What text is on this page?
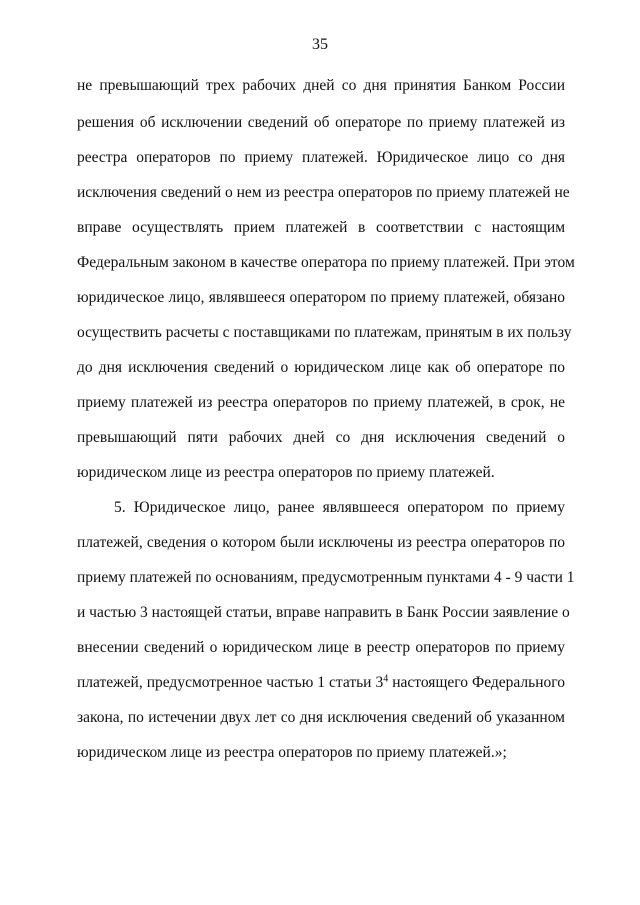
35
не превышающий трех рабочих дней со дня принятия Банком России
решения об исключении сведений об операторе по приему платежей из
реестра операторов по приему платежей. Юридическое лицо со дня
исключения сведений о нем из реестра операторов по приему платежей не
вправе осуществлять прием платежей в соответствии с настоящим
Федеральным законом в качестве оператора по приему платежей. При этом
юридическое лицо, являвшееся оператором по приему платежей, обязано
осуществить расчеты с поставщиками по платежам, принятым в их пользу
до дня исключения сведений о юридическом лице как об операторе по
приему платежей из реестра операторов по приему платежей, в срок, не
превышающий пяти рабочих дней со дня исключения сведений о
юридическом лице из реестра операторов по приему платежей.
5. Юридическое лицо, ранее являвшееся оператором по приему
платежей, сведения о котором были исключены из реестра операторов по
приему платежей по основаниям, предусмотренным пунктами 4 - 9 части 1
и частью 3 настоящей статьи, вправе направить в Банк России заявление о
внесении сведений о юридическом лице в реестр операторов по приему
платежей, предусмотренное частью 1 статьи $3^4$ настоящего Федерального
закона, по истечении двух лет со дня исключения сведений об указанном
юридическом лице из реестра операторов по приему платежей.»;
